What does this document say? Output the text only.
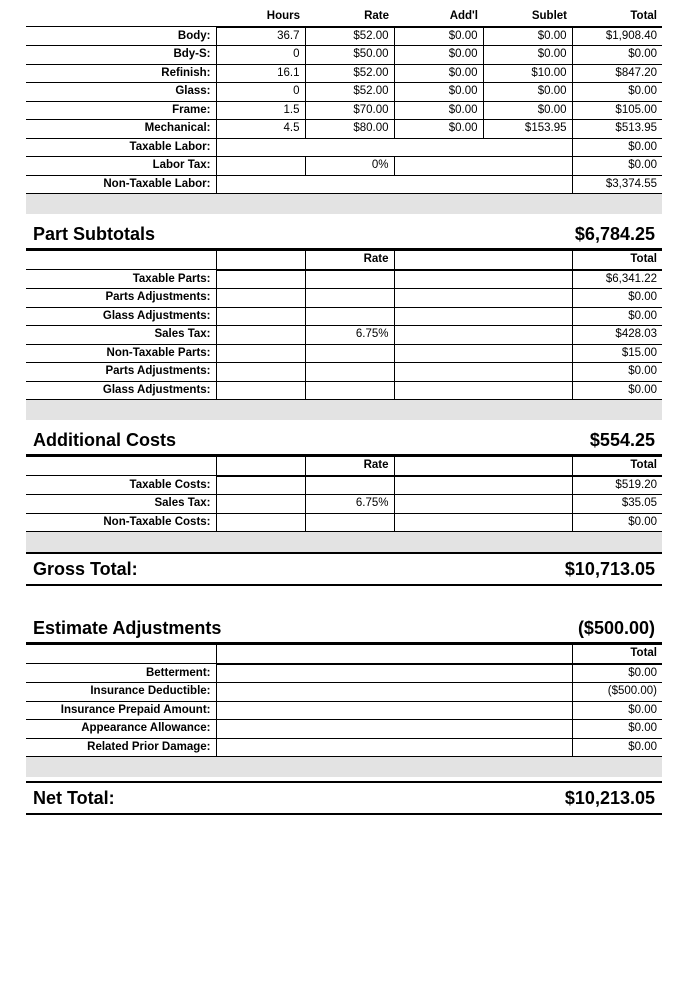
	Hours	Rate	Add'l	Sublet	Total
Body:	36.7	$52.00	$0.00	$0.00	$1,908.40
Bdy-S:	0	$50.00	$0.00	$0.00	$0.00
Refinish:	16.1	$52.00	$0.00	$10.00	$847.20
Glass:	0	$52.00	$0.00	$0.00	$0.00
Frame:	1.5	$70.00	$0.00	$0.00	$105.00
Mechanical:	4.5	$80.00	$0.00	$153.95	$513.95
Taxable Labor:					$0.00
Labor Tax:		0%			$0.00
Non-Taxable Labor:					$3,374.55
Part Subtotals	$6,784.25
		Rate		Total
Taxable Parts:				$6,341.22
Parts Adjustments:				$0.00
Glass Adjustments:				$0.00
Sales Tax:		6.75%		$428.03
Non-Taxable Parts:				$15.00
Parts Adjustments:				$0.00
Glass Adjustments:				$0.00
Additional Costs	$554.25
		Rate		Total
Taxable Costs:				$519.20
Sales Tax:		6.75%		$35.05
Non-Taxable Costs:				$0.00
Gross Total:	$10,713.05
Estimate Adjustments	($500.00)
		Total
Betterment:		$0.00
Insurance Deductible:		($500.00)
Insurance Prepaid Amount:		$0.00
Appearance Allowance:		$0.00
Related Prior Damage:		$0.00
Net Total:	$10,213.05
